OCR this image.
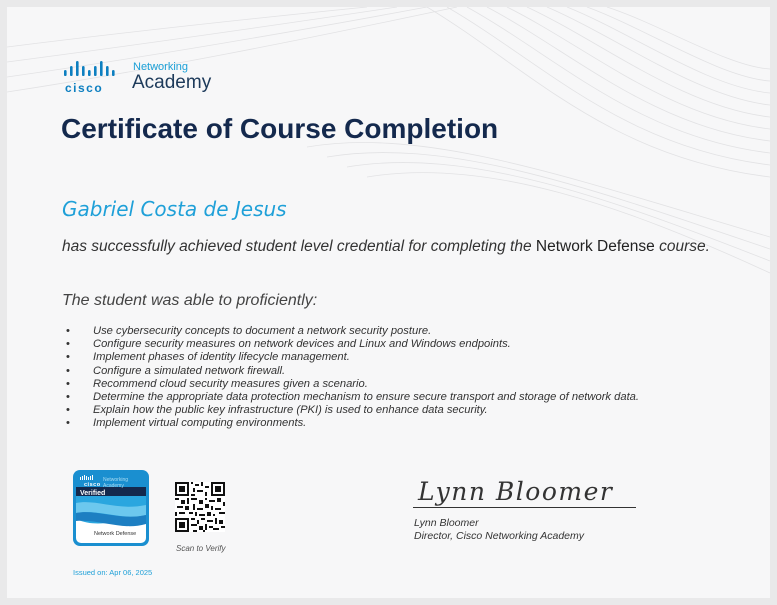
cisco
Networking
Academy
Certificate of Course Completion
Gabriel Costa de Jesus
has successfully achieved student level credential for completing the Network Defense course.
The student was able to proficiently:
• Use cybersecurity concepts to document a network security posture.
• Configure security measures on network devices and Linux and Windows endpoints.
• Implement phases of identity lifecycle management.
• Configure a simulated network firewall.
• Recommend cloud security measures given a scenario.
• Determine the appropriate data protection mechanism to ensure secure transport and storage of network data.
• Explain how the public key infrastructure (PKI) is used to enhance data security.
• Implement virtual computing environments.
cisco
Networking
Academy
Verified
Network Defense
Scan to Verify
Lynn Bloomer
Lynn Bloomer
Director, Cisco Networking Academy
Issued on: Apr 06, 2025
